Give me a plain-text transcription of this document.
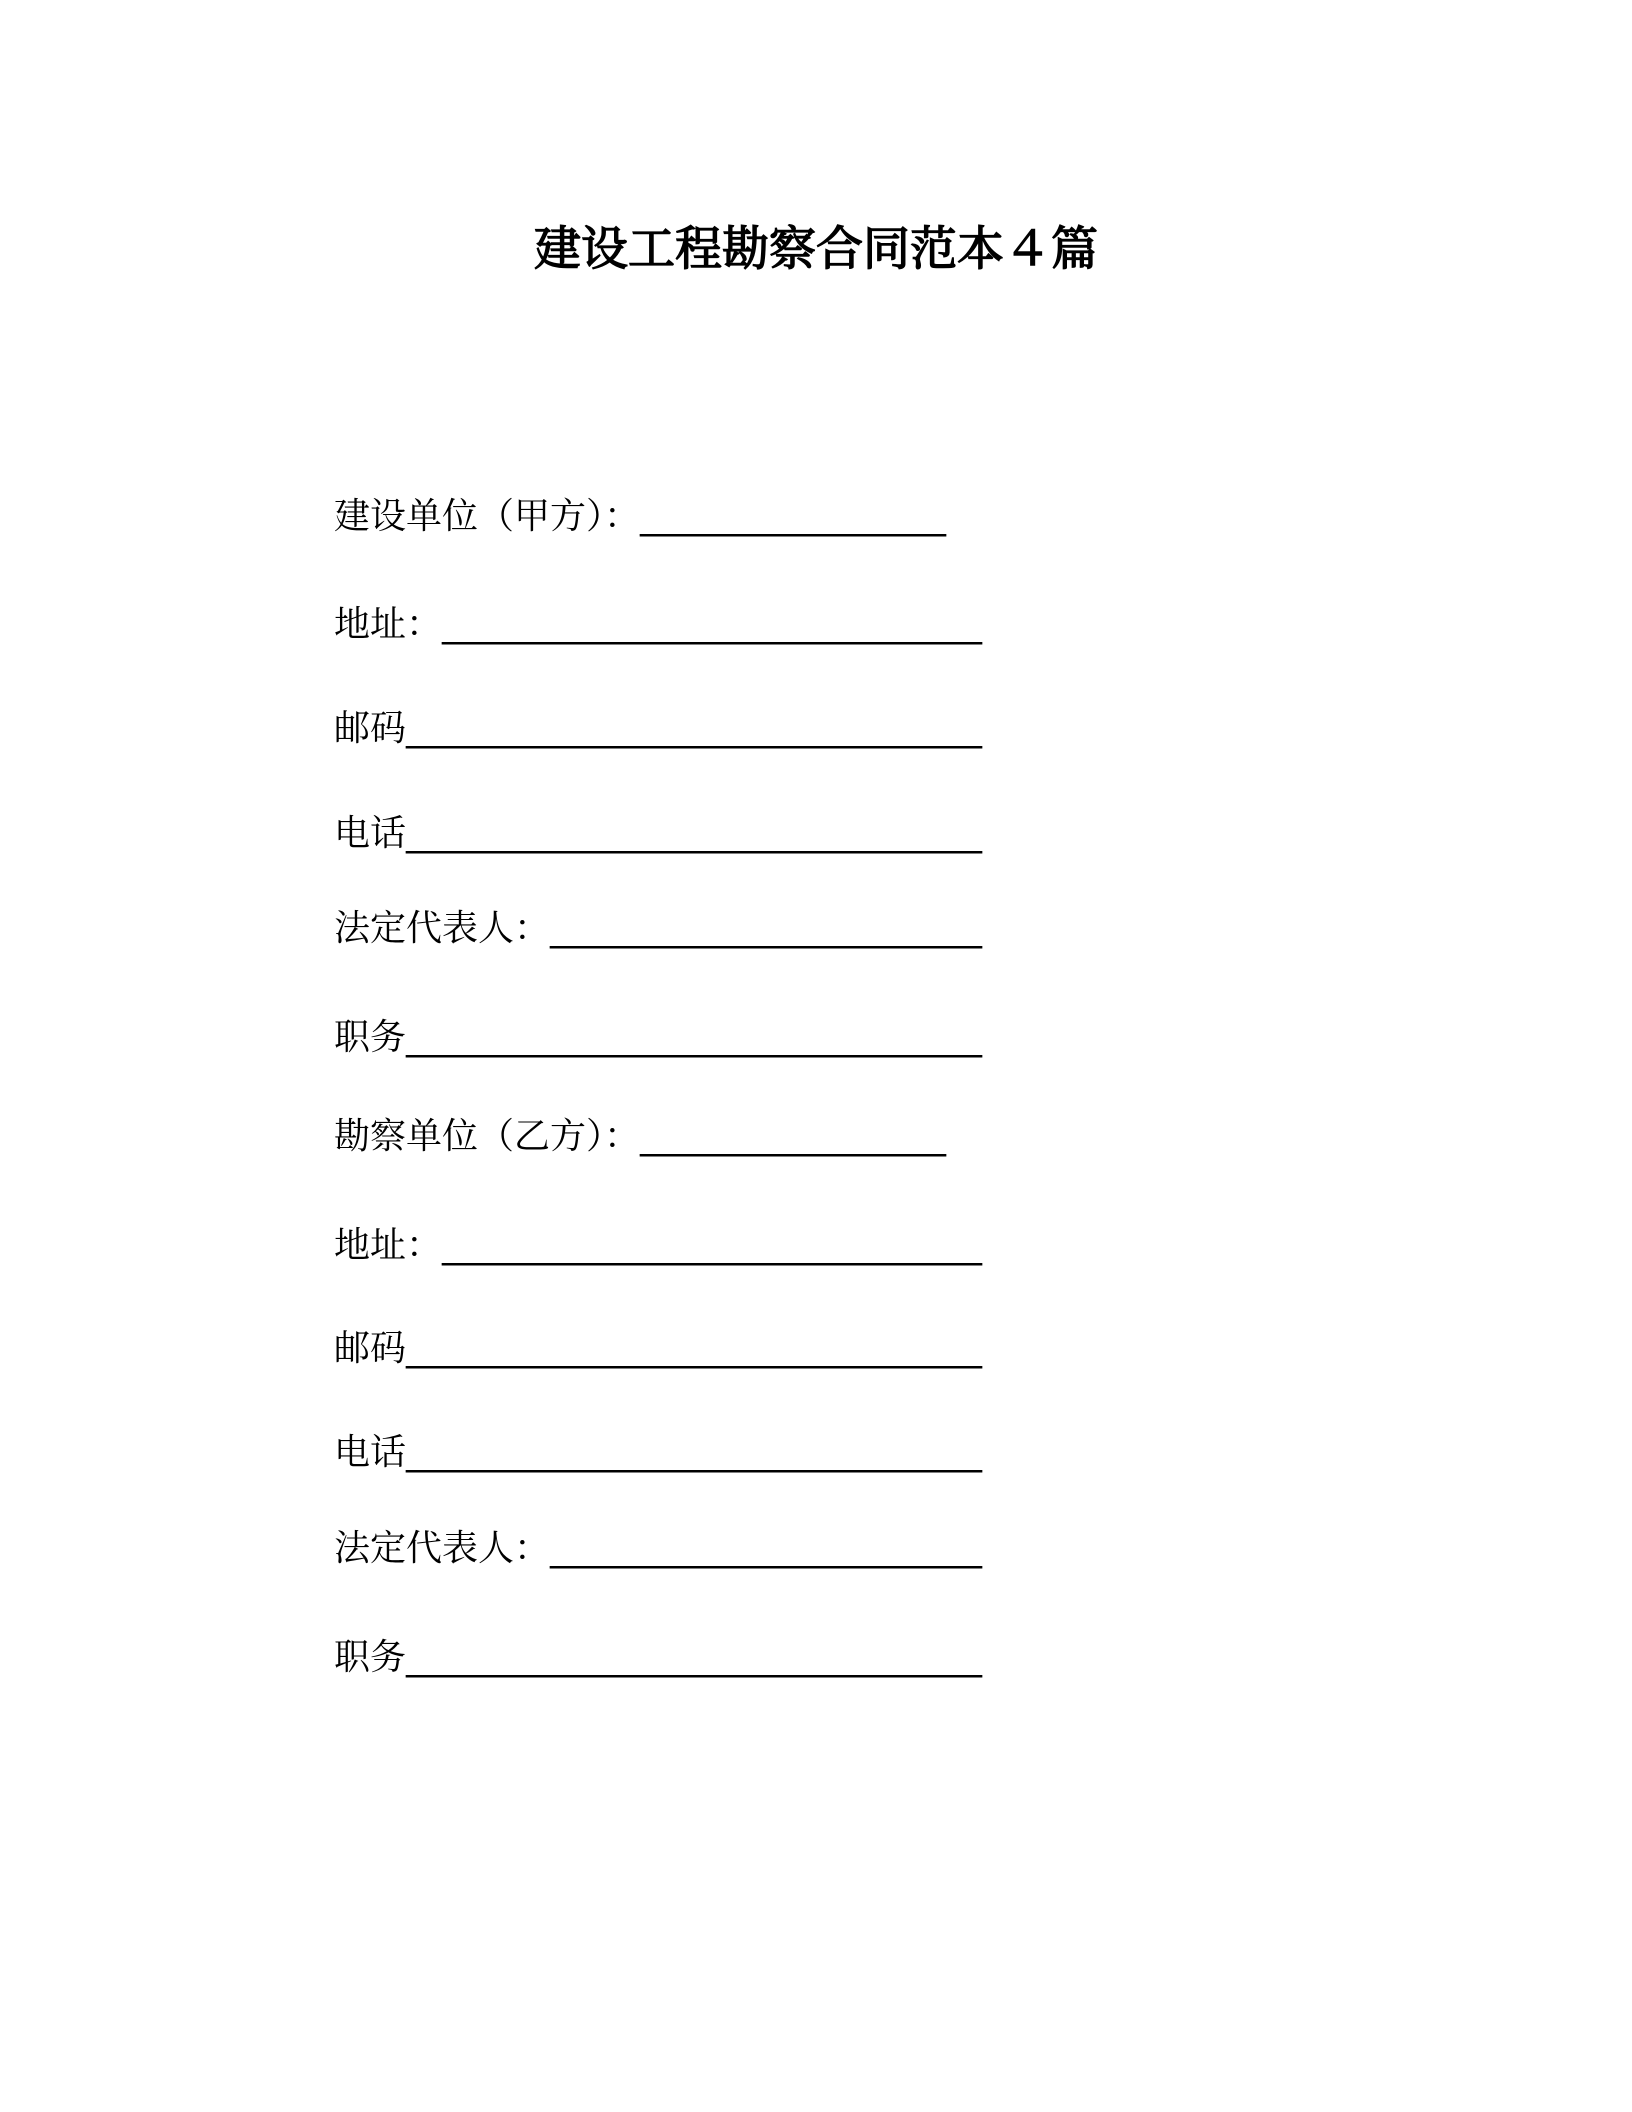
建设工程勘察合同范本４篇
建设单位（甲方）：_________________
地址：______________________________
邮码________________________________
电话________________________________
法定代表人：________________________
职务________________________________
勘察单位（乙方）：_________________
地址：______________________________
邮码________________________________
电话________________________________
法定代表人：________________________
职务________________________________
